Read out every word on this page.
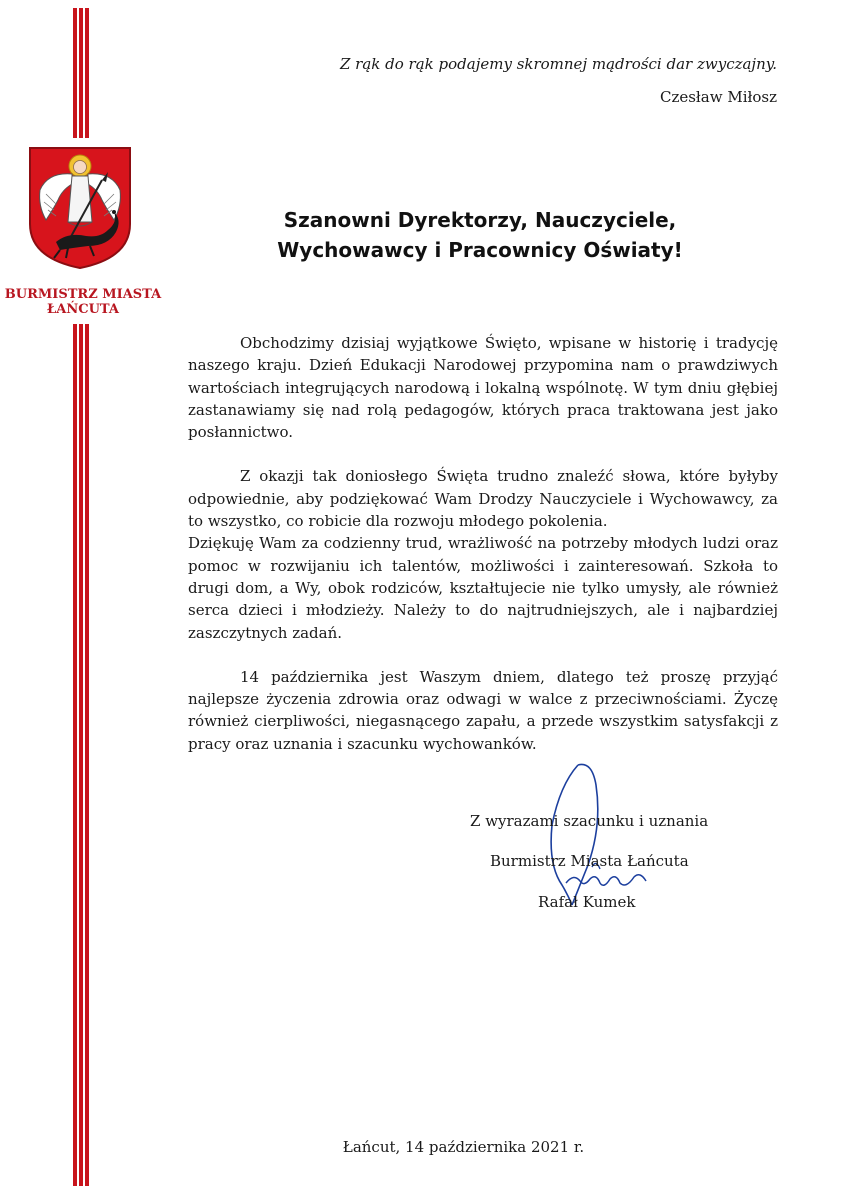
BURMISTRZ MIASTA
ŁAŃCUTA
Z rąk do rąk podajemy skromnej mądrości dar zwyczajny.
Czesław Miłosz
Szanowni Dyrektorzy, Nauczyciele,
Wychowawcy i Pracownicy Oświaty!

Obchodzimy dzisiaj wyjątkowe Święto, wpisane w historię i tradycję naszego kraju. Dzień Edukacji Narodowej przypomina nam o prawdziwych wartościach integrujących narodową i lokalną wspólnotę. W tym dniu głębiej zastanawiamy się nad rolą pedagogów, których praca traktowana jest jako posłannictwo.

Z okazji tak doniosłego Święta trudno znaleźć słowa, które byłyby odpowiednie, aby podziękować Wam Drodzy Nauczyciele i Wychowawcy, za to wszystko, co robicie dla rozwoju młodego pokolenia.

Dziękuję Wam za codzienny trud, wrażliwość na potrzeby młodych ludzi oraz pomoc w rozwijaniu ich talentów, możliwości i zainteresowań. Szkoła to drugi dom, a Wy, obok rodziców, kształtujecie nie tylko umysły, ale również serca dzieci i młodzieży. Należy to do najtrudniejszych, ale i najbardziej zaszczytnych zadań.

14 października jest Waszym dniem, dlatego też proszę przyjąć najlepsze życzenia zdrowia oraz odwagi w walce z przeciwnościami. Życzę również cierpliwości, niegasnącego zapału, a przede wszystkim satysfakcji z pracy oraz uznania i szacunku wychowanków.

Z wyrazami szacunku i uznania
Burmistrz Miasta Łańcuta
Rafał Kumek
Łańcut, 14 października 2021 r.
